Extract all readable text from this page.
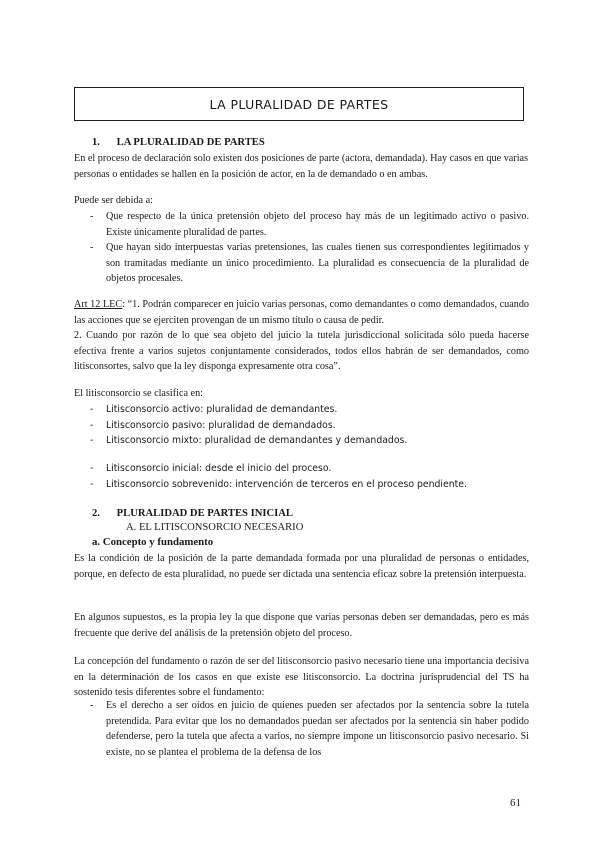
LA PLURALIDAD DE PARTES
1. LA PLURALIDAD DE PARTES
En el proceso de declaración solo existen dos posiciones de parte (actora, demandada). Hay casos en que varias personas o entidades se hallen en la posición de actor, en la de demandado o en ambas.
Puede ser debida a:
- Que respecto de la única pretensión objeto del proceso hay más de un legitimado activo o pasivo. Existe únicamente pluralidad de partes.
- Que hayan sido interpuestas varias pretensiones, las cuales tienen sus correspondientes legitimados y son tramitadas mediante un único procedimiento. La pluralidad es consecuencia de la pluralidad de objetos procesales.
Art 12 LEC: “1. Podrán comparecer en juicio varias personas, como demandantes o como demandados, cuando las acciones que se ejerciten provengan de un mismo título o causa de pedir.
2. Cuando por razón de lo que sea objeto del juicio la tutela jurisdiccional solicitada sólo pueda hacerse efectiva frente a varios sujetos conjuntamente considerados, todos ellos habrán de ser demandados, como litisconsortes, salvo que la ley disponga expresamente otra cosa”.
El litisconsorcio se clasifica en:
- Litisconsorcio activo: pluralidad de demandantes.
- Litisconsorcio pasivo: pluralidad de demandados.
- Litisconsorcio mixto: pluralidad de demandantes y demandados.
- Litisconsorcio inicial: desde el inicio del proceso.
- Litisconsorcio sobrevenido: intervención de terceros en el proceso pendiente.
2. PLURALIDAD DE PARTES INICIAL
A. EL LITISCONSORCIO NECESARIO
a. Concepto y fundamento
Es la condición de la posición de la parte demandada formada por una pluralidad de personas o entidades, porque, en defecto de esta pluralidad, no puede ser dictada una sentencia eficaz sobre la pretensión interpuesta.
En algunos supuestos, es la propia ley la que dispone que varias personas deben ser demandadas, pero es más frecuente que derive del análisis de la pretensión objeto del proceso.
La concepción del fundamento o razón de ser del litisconsorcio pasivo necesario tiene una importancia decisiva en la determinación de los casos en que existe ese litisconsorcio. La doctrina jurisprudencial del TS ha sostenido tesis diferentes sobre el fundamento:
- Es el derecho a ser oídos en juicio de quienes pueden ser afectados por la sentencia sobre la tutela pretendida. Para evitar que los no demandados puedan ser afectados por la sentencia sin haber podido defenderse, pero la tutela que afecta a varios, no siempre impone un litisconsorcio pasivo necesario. Si existe, no se plantea el problema de la defensa de los
61
